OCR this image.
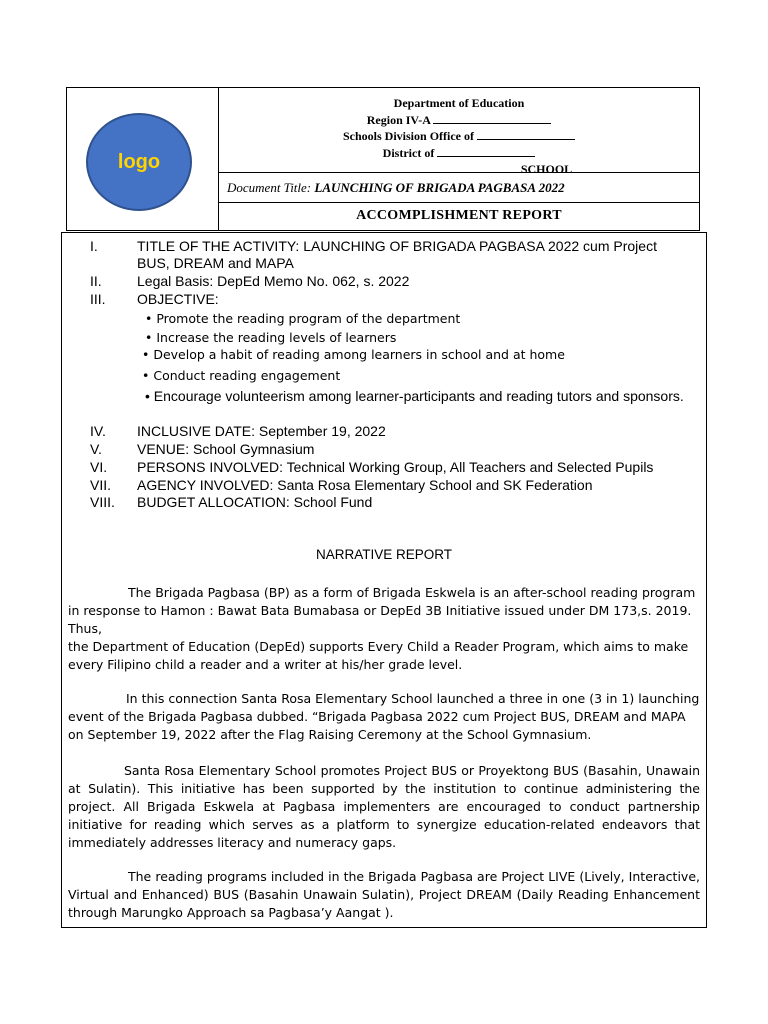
logo
Department of Education
Region IV-A
Schools Division Office of
District of
SCHOOL
Document Title: LAUNCHING OF BRIGADA PAGBASA 2022
ACCOMPLISHMENT REPORT
I.	TITLE OF THE ACTIVITY: LAUNCHING OF BRIGADA PAGBASA 2022 cum Project
BUS, DREAM and MAPA
II.	Legal Basis: DepEd Memo No. 062, s. 2022
III. OBJECTIVE:
• Promote the reading program of the department
• Increase the reading levels of learners
• Develop a habit of reading among learners in school and at home
• Conduct reading engagement
• Encourage volunteerism among learner-participants and reading tutors and sponsors.
IV. INCLUSIVE DATE: September 19, 2022
V.	VENUE: School Gymnasium
VI. PERSONS INVOLVED: Technical Working Group, All Teachers and Selected Pupils
VII. AGENCY INVOLVED: Santa Rosa Elementary School and SK Federation
VIII. BUDGET ALLOCATION: School Fund
NARRATIVE REPORT
The Brigada Pagbasa (BP) as a form of Brigada Eskwela is an after-school reading program
in response to Hamon : Bawat Bata Bumabasa or DepEd 3B Initiative issued under DM 173,s. 2019.
Thus,
the Department of Education (DepEd) supports Every Child a Reader Program, which aims to make
every Filipino child a reader and a writer at his/her grade level.
In this connection Santa Rosa Elementary School launched a three in one (3 in 1) launching
event of the Brigada Pagbasa dubbed. “Brigada Pagbasa 2022 cum Project BUS, DREAM and MAPA
on September 19, 2022 after the Flag Raising Ceremony at the School Gymnasium.
Santa Rosa Elementary School promotes Project BUS or Proyektong BUS (Basahin, Unawain
at Sulatin). This initiative has been supported by the institution to continue administering the
project. All Brigada Eskwela at Pagbasa implementers are encouraged to conduct partnership
initiative for reading which serves as a platform to synergize education-related endeavors that
immediately addresses literacy and numeracy gaps.
The reading programs included in the Brigada Pagbasa are Project LIVE (Lively, Interactive,
Virtual and Enhanced) BUS (Basahin Unawain Sulatin), Project DREAM (Daily Reading Enhancement
through Marungko Approach sa Pagbasa’y Aangat ).
